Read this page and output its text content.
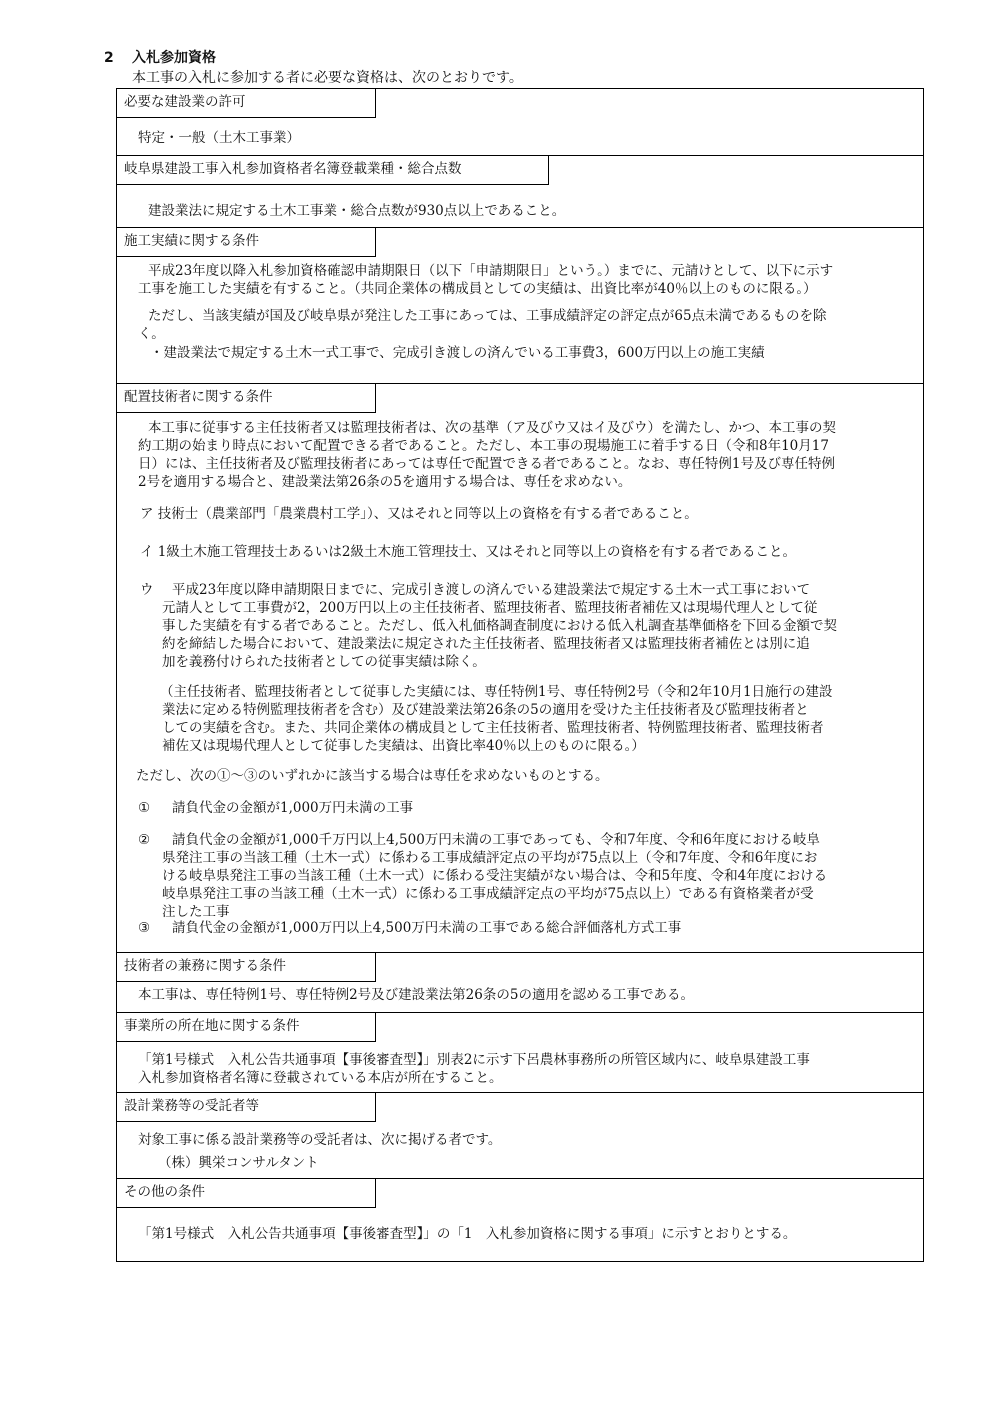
2 入札参加資格
本工事の入札に参加する者に必要な資格は、次のとおりです。
必要な建設業の許可
特定・一般（土木工事業）
岐阜県建設工事入札参加資格者名簿登載業種・総合点数
建設業法に規定する土木工事業・総合点数が930点以上であること。
施工実績に関する条件
平成23年度以降入札参加資格確認申請期限日（以下「申請期限日」という。）までに、元請けとして、以下に示す
工事を施工した実績を有すること。（共同企業体の構成員としての実績は、出資比率が40％以上のものに限る。）
ただし、当該実績が国及び岐阜県が発注した工事にあっては、工事成績評定の評定点が65点未満であるものを除
く。
・建設業法で規定する土木一式工事で、完成引き渡しの済んでいる工事費3，600万円以上の施工実績
配置技術者に関する条件
本工事に従事する主任技術者又は監理技術者は、次の基準（ア及びウ又はイ及びウ）を満たし、かつ、本工事の契
約工期の始まり時点において配置できる者であること。ただし、本工事の現場施工に着手する日（令和8年10月17
日）には、主任技術者及び監理技術者にあっては専任で配置できる者であること。なお、専任特例1号及び専任特例
2号を適用する場合と、建設業法第26条の5を適用する場合は、専任を求めない。
ア 技術士（農業部門「農業農村工学」）、又はそれと同等以上の資格を有する者であること。
イ 1級土木施工管理技士あるいは2級土木施工管理技士、又はそれと同等以上の資格を有する者であること。
ウ 平成23年度以降申請期限日までに、完成引き渡しの済んでいる建設業法で規定する土木一式工事において
元請人として工事費が2，200万円以上の主任技術者、監理技術者、監理技術者補佐又は現場代理人として従
事した実績を有する者であること。ただし、低入札価格調査制度における低入札調査基準価格を下回る金額で契
約を締結した場合において、建設業法に規定された主任技術者、監理技術者又は監理技術者補佐とは別に追
加を義務付けられた技術者としての従事実績は除く。
（主任技術者、監理技術者として従事した実績には、専任特例1号、専任特例2号（令和2年10月1日施行の建設
業法に定める特例監理技術者を含む）及び建設業法第26条の5の適用を受けた主任技術者及び監理技術者と
しての実績を含む。また、共同企業体の構成員として主任技術者、監理技術者、特例監理技術者、監理技術者
補佐又は現場代理人として従事した実績は、出資比率40％以上のものに限る。）
ただし、次の①～③のいずれかに該当する場合は専任を求めないものとする。
① 請負代金の金額が1,000万円未満の工事
② 請負代金の金額が1,000千万円以上4,500万円未満の工事であっても、令和7年度、令和6年度における岐阜
県発注工事の当該工種（土木一式）に係わる工事成績評定点の平均が75点以上（令和7年度、令和6年度にお
ける岐阜県発注工事の当該工種（土木一式）に係わる受注実績がない場合は、令和5年度、令和4年度における
岐阜県発注工事の当該工種（土木一式）に係わる工事成績評定点の平均が75点以上）である有資格業者が受
注した工事
③ 請負代金の金額が1,000万円以上4,500万円未満の工事である総合評価落札方式工事
技術者の兼務に関する条件
本工事は、専任特例1号、専任特例2号及び建設業法第26条の5の適用を認める工事である。
事業所の所在地に関する条件
「第1号様式　入札公告共通事項【事後審査型】」別表2に示す下呂農林事務所の所管区域内に、岐阜県建設工事
入札参加資格者名簿に登載されている本店が所在すること。
設計業務等の受託者等
対象工事に係る設計業務等の受託者は、次に掲げる者です。
（株）興栄コンサルタント
その他の条件
「第1号様式　入札公告共通事項【事後審査型】」の「1　入札参加資格に関する事項」に示すとおりとする。
